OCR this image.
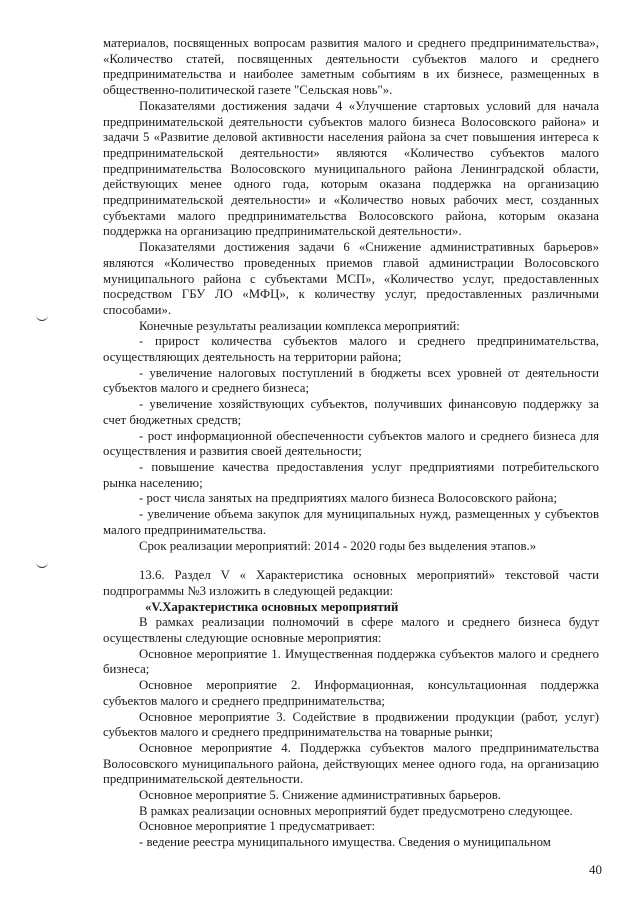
материалов, посвященных вопросам развития малого и среднего предпринимательства», «Количество статей, посвященных деятельности субъектов малого и среднего предпринимательства и наиболее заметным событиям в их бизнесе, размещенных в общественно-политической газете "Сельская новь"».

Показателями достижения задачи 4 «Улучшение стартовых условий для начала предпринимательской деятельности субъектов малого бизнеса Волосовского района» и задачи 5 «Развитие деловой активности населения района за счет повышения интереса к предпринимательской деятельности» являются «Количество субъектов малого предпринимательства Волосовского муниципального района Ленинградской области, действующих менее одного года, которым оказана поддержка на организацию предпринимательской деятельности» и «Количество новых рабочих мест, созданных субъектами малого предпринимательства Волосовского района, которым оказана поддержка на организацию предпринимательской деятельности».

Показателями достижения задачи 6 «Снижение административных барьеров» являются «Количество проведенных приемов главой администрации Волосовского муниципального района с субъектами МСП», «Количество услуг, предоставленных посредством ГБУ ЛО «МФЦ», к количеству услуг, предоставленных различными способами».

Конечные результаты реализации комплекса мероприятий:

- прирост количества субъектов малого и среднего предпринимательства, осуществляющих деятельность на территории района;

- увеличение налоговых поступлений в бюджеты всех уровней от деятельности субъектов малого и среднего бизнеса;

- увеличение хозяйствующих субъектов, получивших финансовую поддержку за счет бюджетных средств;

- рост информационной обеспеченности субъектов малого и среднего бизнеса для осуществления и развития своей деятельности;

- повышение качества предоставления услуг предприятиями потребительского рынка населению;

- рост числа занятых на предприятиях малого бизнеса Волосовского района;

- увеличение объема закупок для муниципальных нужд, размещенных у субъектов малого предпринимательства.

Срок реализации мероприятий: 2014 - 2020 годы без выделения этапов.»

13.6. Раздел V « Характеристика основных мероприятий» текстовой части подпрограммы №3 изложить в следующей редакции:

«V.Характеристика основных мероприятий

В рамках реализации полномочий в сфере малого и среднего бизнеса будут осуществлены следующие основные мероприятия:

Основное мероприятие 1. Имущественная поддержка субъектов малого и среднего бизнеса;

Основное мероприятие 2. Информационная, консультационная поддержка субъектов малого и среднего предпринимательства;

Основное мероприятие 3. Содействие в продвижении продукции (работ, услуг) субъектов малого и среднего предпринимательства на товарные рынки;

Основное мероприятие 4. Поддержка субъектов малого предпринимательства Волосовского муниципального района, действующих менее одного года, на организацию предпринимательской деятельности.

Основное мероприятие 5. Снижение административных барьеров.

В рамках реализации основных мероприятий будет предусмотрено следующее.

Основное мероприятие 1 предусматривает:

- ведение реестра муниципального имущества. Сведения о муниципальном

40
